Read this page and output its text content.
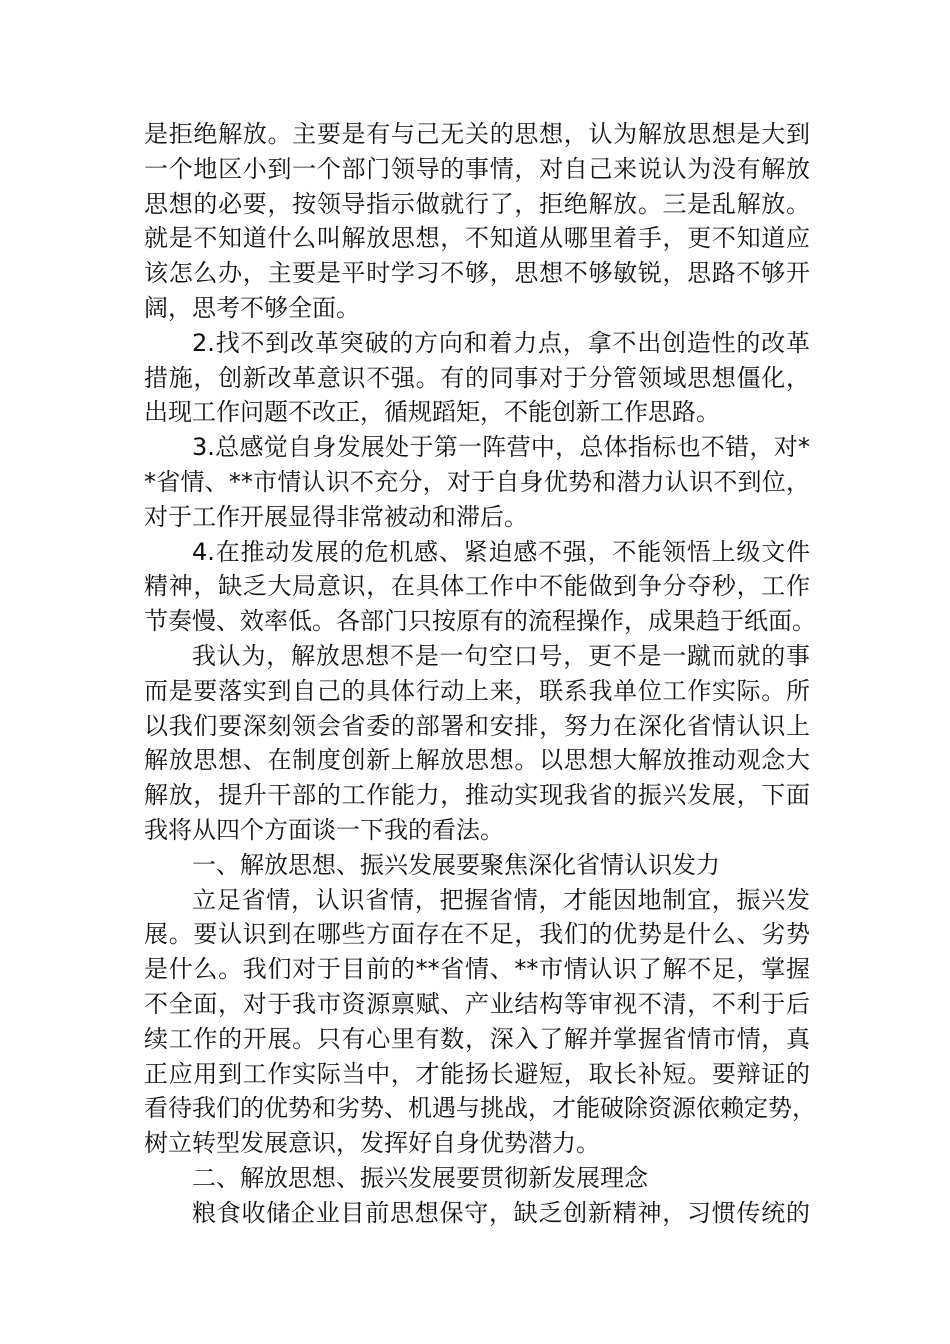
是拒绝解放。主要是有与己无关的思想，认为解放思想是大到
一个地区小到一个部门领导的事情，对自己来说认为没有解放
思想的必要，按领导指示做就行了，拒绝解放。三是乱解放。
就是不知道什么叫解放思想，不知道从哪里着手，更不知道应
该怎么办，主要是平时学习不够，思想不够敏锐，思路不够开
阔，思考不够全面。
2.找不到改革突破的方向和着力点，拿不出创造性的改革
措施，创新改革意识不强。有的同事对于分管领域思想僵化，
出现工作问题不改正，循规蹈矩，不能创新工作思路。
3.总感觉自身发展处于第一阵营中，总体指标也不错，对*
*省情、**市情认识不充分，对于自身优势和潜力认识不到位，
对于工作开展显得非常被动和滞后。
4.在推动发展的危机感、紧迫感不强，不能领悟上级文件
精神，缺乏大局意识，在具体工作中不能做到争分夺秒，工作
节奏慢、效率低。各部门只按原有的流程操作，成果趋于纸面。
我认为，解放思想不是一句空口号，更不是一蹴而就的事
而是要落实到自己的具体行动上来，联系我单位工作实际。所
以我们要深刻领会省委的部署和安排，努力在深化省情认识上
解放思想、在制度创新上解放思想。以思想大解放推动观念大
解放，提升干部的工作能力，推动实现我省的振兴发展，下面
我将从四个方面谈一下我的看法。
一、解放思想、振兴发展要聚焦深化省情认识发力
立足省情，认识省情，把握省情，才能因地制宜，振兴发
展。要认识到在哪些方面存在不足，我们的优势是什么、劣势
是什么。我们对于目前的**省情、**市情认识了解不足，掌握
不全面，对于我市资源禀赋、产业结构等审视不清，不利于后
续工作的开展。只有心里有数，深入了解并掌握省情市情，真
正应用到工作实际当中，才能扬长避短，取长补短。要辩证的
看待我们的优势和劣势、机遇与挑战，才能破除资源依赖定势，
树立转型发展意识，发挥好自身优势潜力。
二、解放思想、振兴发展要贯彻新发展理念
粮食收储企业目前思想保守，缺乏创新精神，习惯传统的
